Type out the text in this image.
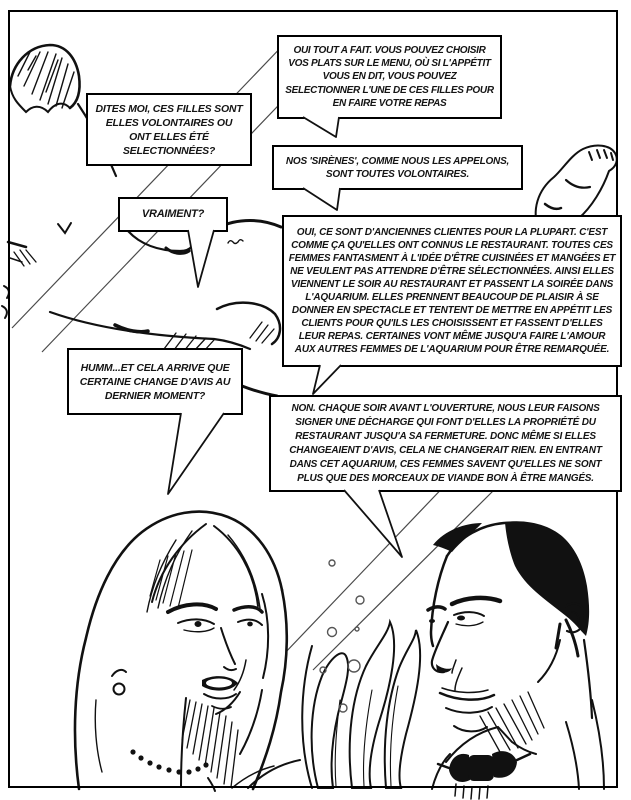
OUI TOUT A FAIT. VOUS POUVEZ CHOISIR VOS PLATS SUR LE MENU, OÙ SI L'APPÉTIT VOUS EN DIT, VOUS POUVEZ SELECTIONNER L'UNE DE CES FILLES POUR EN FAIRE VOTRE REPAS
DITES MOI, CES FILLES SONT ELLES VOLONTAIRES OU ONT ELLES ÉTÉ SELECTIONNÉES?
NOS 'SIRÈNES', COMME NOUS LES APPELONS, SONT TOUTES VOLONTAIRES.
VRAIMENT?
OUI, CE SONT D'ANCIENNES CLIENTES POUR LA PLUPART. C'EST COMME ÇA QU'ELLES ONT CONNUS LE RESTAURANT. TOUTES CES FEMMES FANTASMENT À L'IDÉE D'ÊTRE CUISINÉES ET MANGÉES ET NE VEULENT PAS ATTENDRE D'ÊTRE SÉLECTIONNÉES. AINSI ELLES VIENNENT LE SOIR AU RESTAURANT ET PASSENT LA SOIRÉE DANS L'AQUARIUM. ELLES PRENNENT BEAUCOUP DE PLAISIR À SE DONNER EN SPECTACLE ET TENTENT DE METTRE EN APPÉTIT LES CLIENTS POUR QU'ILS LES CHOISISSENT ET FASSENT D'ELLES LEUR REPAS. CERTAINES VONT MÊME JUSQU'A FAIRE L'AMOUR AUX AUTRES FEMMES DE L'AQUARIUM POUR ÊTRE REMARQUÉE.
HUMM...ET CELA ARRIVE QUE CERTAINE CHANGE D'AVIS AU DERNIER MOMENT?
NON. CHAQUE SOIR AVANT L'OUVERTURE, NOUS LEUR FAISONS SIGNER UNE DÉCHARGE QUI FONT D'ELLES LA PROPRIÉTÉ DU RESTAURANT JUSQU'A SA FERMETURE. DONC MÊME SI ELLES CHANGEAIENT D'AVIS, CELA NE CHANGERAIT RIEN. EN ENTRANT DANS CET AQUARIUM, CES FEMMES SAVENT QU'ELLES NE SONT PLUS QUE DES MORCEAUX DE VIANDE BON À ÊTRE MANGÉS.
